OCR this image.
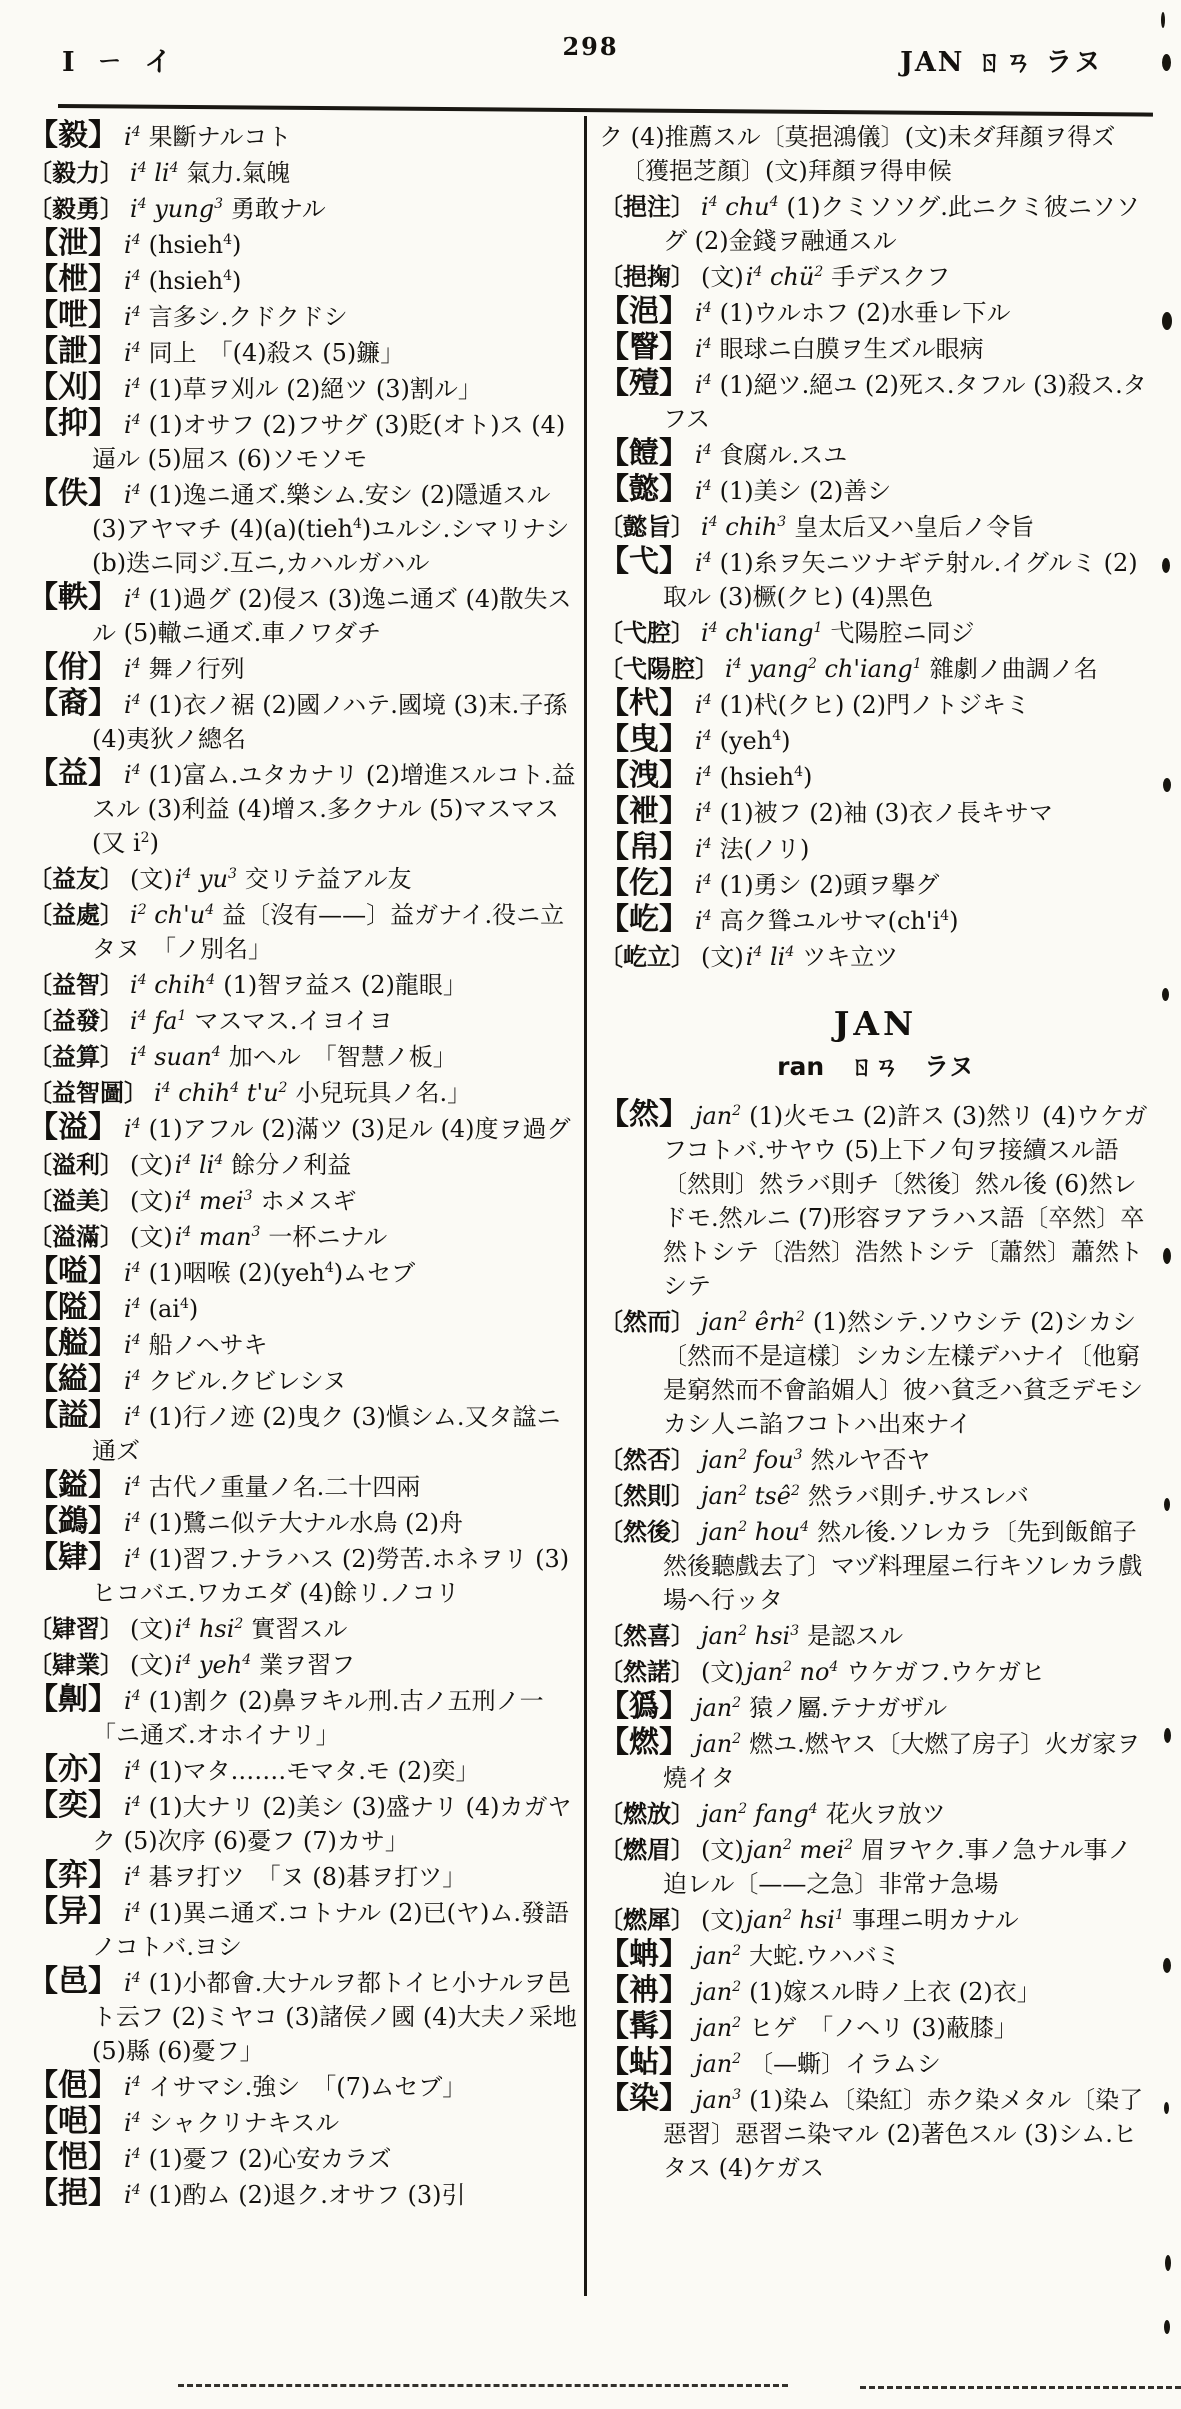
I ㄧ イ
298
JAN ㄖㄢ ラヌ

【毅】 $i^4$ 果斷ナルコト

〔毅力〕 $i^4$ $li^4$ 氣力.氣魄

〔毅勇〕 $i^4$ yung$^3$ 勇敢ナル

【泄】 $i^4$ (hsieh$^4$)

【枻】 $i^4$ (hsieh$^4$)

【呭】 $i^4$ 言多シ.クドクドシ

【詍】 $i^4$ 同上　「(4)殺ス (5)鐮」

【刈】 $i^4$ (1)草ヲ刈ル (2)絕ツ (3)割ル」

【抑】 $i^4$ (1)オサフ (2)フサグ (3)貶(オト)ス (4)逼ル (5)屈ス (6)ソモソモ

【佚】 $i^4$ (1)逸ニ通ズ.樂シム.安シ (2)隱遁スル (3)アヤマチ (4)(a)(tieh$^4$)ユルシ.シマリナシ (b)迭ニ同ジ.互ニ,カハルガハル

【軼】 $i^4$ (1)過グ (2)侵ス (3)逸ニ通ズ (4)散失スル (5)轍ニ通ズ.車ノワダチ

【佾】 $i^4$ 舞ノ行列

【裔】 $i^4$ (1)衣ノ裾 (2)國ノハテ.國境 (3)末.子孫 (4)夷狄ノ總名

【益】 $i^4$ (1)富ム.ユタカナリ (2)增進スルコト.益スル (3)利益 (4)增ス.多クナル (5)マスマス (又 $i^2$)

〔益友〕 (文)$i^4$ $yu^3$ 交リテ益アル友

〔益處〕 $i^2$ $ch'u^4$ 益〔沒有——〕益ガナイ.役ニ立タヌ　「ノ別名」

〔益智〕 $i^4$ chih$^4$ (1)智ヲ益ス (2)龍眼」

〔益發〕 $i^4$ $fa^1$ マスマス.イヨイヨ

〔益算〕 $i^4$ suan$^4$ 加ヘル　「智慧ノ板」

〔益智圖〕 $i^4$ chih$^4$ $t'u^2$ 小兒玩具ノ名.」

【溢】 $i^4$ (1)アフル (2)滿ツ (3)足ル (4)度ヲ過グ

〔溢利〕 (文)$i^4$ $li^4$ 餘分ノ利益

〔溢美〕 (文)$i^4$ mei$^3$ ホメスギ

〔溢滿〕 (文)$i^4$ man$^3$ 一杯ニナル

【嗌】 $i^4$ (1)咽喉 (2)(yeh$^4$)ムセブ

【隘】 $i^4$ $(ai^4)$

【艗】 $i^4$ 船ノヘサキ

【縊】 $i^4$ クビル.クビレシヌ

【謚】 $i^4$ (1)行ノ迹 (2)曳ク (3)愼シム.又タ諡ニ通ズ

【鎰】 $i^4$ 古代ノ重量ノ名.二十四兩

【鷁】 $i^4$ (1)鷺ニ似テ大ナル水鳥 (2)舟

【肄】 $i^4$ (1)習フ.ナラハス (2)勞苦.ホネヲリ (3)ヒコバエ.ワカエダ (4)餘リ.ノコリ

〔肄習〕 (文)$i^4$ hsi$^2$ 實習スル

〔肄業〕 (文)$i^4$ yeh$^4$ 業ヲ習フ

【劓】 $i^4$ (1)割ク (2)鼻ヲキル刑.古ノ五刑ノ一　「ニ通ズ.オホイナリ」

【亦】 $i^4$ (1)マタ.……モマタ.モ (2)奕」

【奕】 $i^4$ (1)大ナリ (2)美シ (3)盛ナリ (4)カガヤク (5)次序 (6)憂フ (7)カサ」

【弈】 $i^4$ 碁ヲ打ツ　「ヌ (8)碁ヲ打ツ」

【异】 $i^4$ (1)異ニ通ズ.コトナル (2)已(ヤ)ム.發語ノコトバ.ヨシ

【邑】 $i^4$ (1)小都會.大ナルヲ都トイヒ小ナルヲ邑ト云フ (2)ミヤコ (3)諸侯ノ國 (4)大夫ノ采地 (5)縣 (6)憂フ」

【俋】 $i^4$ イサマシ.強シ　「(7)ムセブ」

【唈】 $i^4$ シャクリナキスル

【悒】 $i^4$ (1)憂フ (2)心安カラズ

【挹】 $i^4$ (1)酌ム (2)退ク.オサフ (3)引

ク (4)推薦スル〔莫挹鴻儀〕(文)未ダ拜顏ヲ得ズ〔獲挹芝顏〕(文)拜顏ヲ得申候

〔挹注〕 $i^4$ chu$^4$ (1)クミソソグ.此ニクミ彼ニソソグ (2)金錢ヲ融通スル

〔挹掬〕 (文)$i^4$ chü$^2$ 手デスクフ

【浥】 $i^4$ (1)ウルホフ (2)水垂レ下ル

【瞖】 $i^4$ 眼球ニ白膜ヲ生ズル眼病

【殪】 $i^4$ (1)絕ツ.絕ユ (2)死ス.タフル (3)殺ス.タフス

【饐】 $i^4$ 食腐ル.スユ

【懿】 $i^4$ (1)美シ (2)善シ

〔懿旨〕 $i^4$ chih$^3$ 皇太后又ハ皇后ノ令旨

【弋】 $i^4$ (1)糸ヲ矢ニツナギテ射ル.イグルミ (2)取ル (3)橛(クヒ) (4)黑色

〔弋腔〕 $i^4$ ch'iang$^1$ 弋陽腔ニ同ジ

〔弋陽腔〕 $i^4$ yang$^2$ ch'iang$^1$ 雜劇ノ曲調ノ名

【杙】 $i^4$ (1)杙(クヒ) (2)門ノトジキミ

【曳】 $i^4$ (yeh$^4$)

【洩】 $i^4$ (hsieh$^4$)

【袣】 $i^4$ (1)被フ (2)袖 (3)衣ノ長キサマ

【帠】 $i^4$ 法(ノリ)

【仡】 $i^4$ (1)勇シ (2)頭ヲ擧グ

【屹】 $i^4$ 高ク聳ユルサマ$(ch'i^4)$

〔屹立〕 (文)$i^4$ $li^4$ ツキ立ツ

JAN
ran　ㄖㄢ　ラヌ

【然】 jan$^2$ (1)火モユ (2)許ス (3)然リ (4)ウケガフコトバ.サヤウ (5)上下ノ句ヲ接續スル語〔然則〕然ラバ則チ〔然後〕然ル後 (6)然レドモ.然ルニ (7)形容ヲアラハス語〔卒然〕卒然トシテ〔浩然〕浩然トシテ〔蕭然〕蕭然トシテ

〔然而〕 jan$^2$ êrh$^2$ (1)然シテ.ソウシテ (2)シカシ〔然而不是這樣〕シカシ左樣デハナイ〔他窮是窮然而不會諂媚人〕彼ハ貧乏ハ貧乏デモシカシ人ニ諂フコトハ出來ナイ

〔然否〕 jan$^2$ fou$^3$ 然ルヤ否ヤ

〔然則〕 jan$^2$ tsê$^2$ 然ラバ則チ.サスレバ

〔然後〕 jan$^2$ hou$^4$ 然ル後.ソレカラ〔先到飯館子然後聽戲去了〕マヅ料理屋ニ行キソレカラ戲場ヘ行ッタ

〔然喜〕 jan$^2$ hsi$^3$ 是認スル

〔然諾〕 (文)jan$^2$ $no^4$ ウケガフ.ウケガヒ

【㺔】 jan$^2$ 猿ノ屬.テナガザル

【燃】 jan$^2$ 燃ユ.燃ヤス〔大燃了房子〕火ガ家ヲ燒イタ

〔燃放〕 jan$^2$ fang$^4$ 花火ヲ放ツ

〔燃眉〕 (文)jan$^2$ mei$^2$ 眉ヲヤク.事ノ急ナル事ノ迫レル〔——之急〕非常ナ急場

〔燃犀〕 (文)jan$^2$ hsi$^1$ 事理ニ明カナル

【蚺】 jan$^2$ 大蛇.ウハバミ

【袡】 jan$^2$ (1)嫁スル時ノ上衣 (2)衣」

【髯】 jan$^2$ ヒゲ　「ノヘリ (3)蔽膝」

【蛅】 jan$^2$ 〔—蟖〕イラムシ

【染】 jan$^3$ (1)染ム〔染紅〕赤ク染メタル〔染了惡習〕惡習ニ染マル (2)著色スル (3)シム.ヒタス (4)ケガス
